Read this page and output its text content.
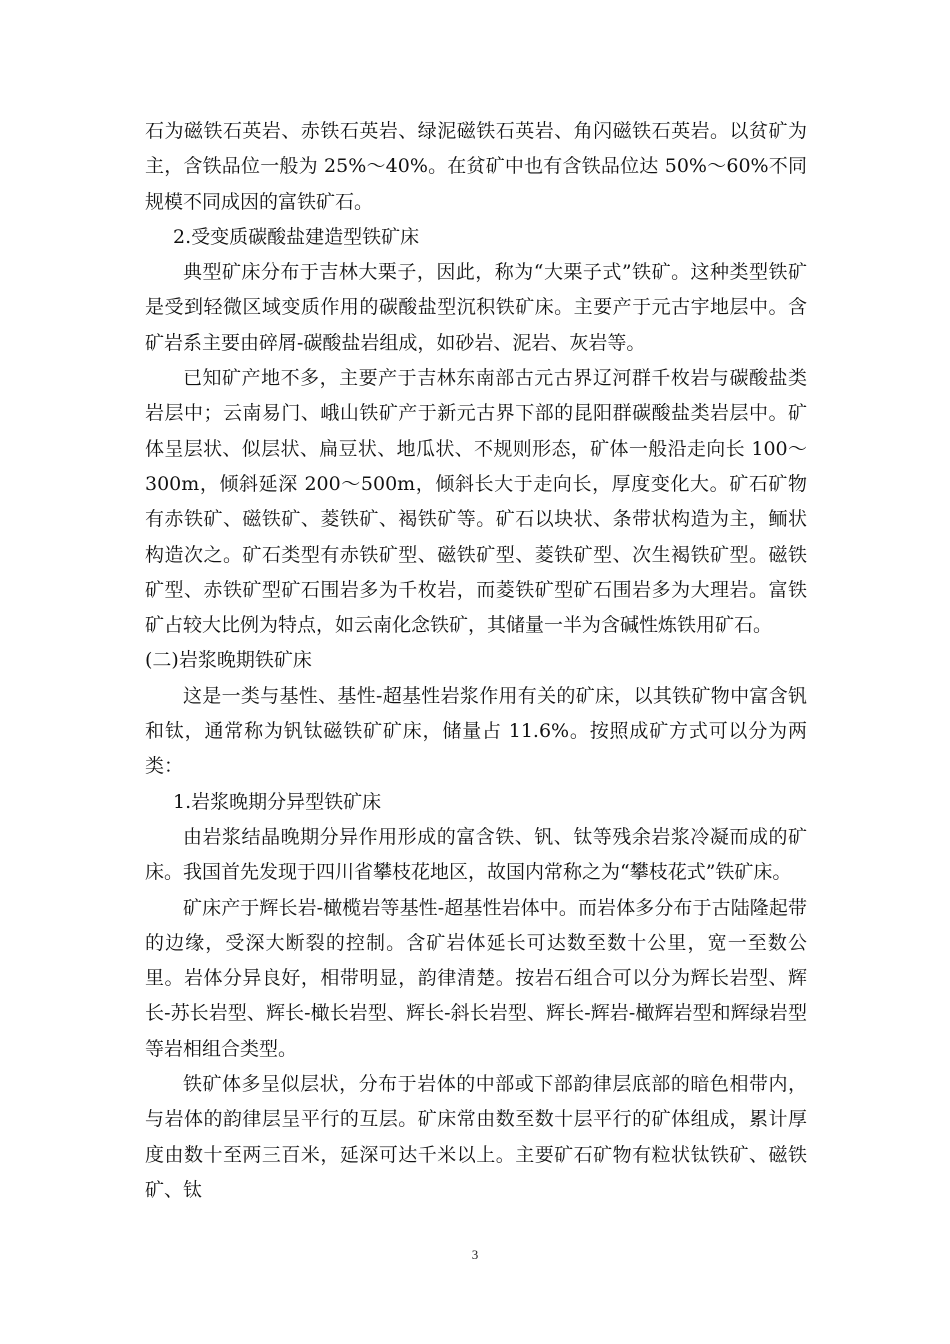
石为磁铁石英岩、赤铁石英岩、绿泥磁铁石英岩、角闪磁铁石英岩。以贫矿为主，含铁品位一般为 25%～40%。在贫矿中也有含铁品位达 50%～60%不同规模不同成因的富铁矿石。

2.受变质碳酸盐建造型铁矿床

典型矿床分布于吉林大栗子，因此，称为“大栗子式”铁矿。这种类型铁矿是受到轻微区域变质作用的碳酸盐型沉积铁矿床。主要产于元古宇地层中。含矿岩系主要由碎屑-碳酸盐岩组成，如砂岩、泥岩、灰岩等。

已知矿产地不多，主要产于吉林东南部古元古界辽河群千枚岩与碳酸盐类岩层中；云南易门、峨山铁矿产于新元古界下部的昆阳群碳酸盐类岩层中。矿体呈层状、似层状、扁豆状、地瓜状、不规则形态，矿体一般沿走向长 100～300m，倾斜延深 200～500m，倾斜长大于走向长，厚度变化大。矿石矿物有赤铁矿、磁铁矿、菱铁矿、褐铁矿等。矿石以块状、条带状构造为主，鲕状构造次之。矿石类型有赤铁矿型、磁铁矿型、菱铁矿型、次生褐铁矿型。磁铁矿型、赤铁矿型矿石围岩多为千枚岩，而菱铁矿型矿石围岩多为大理岩。富铁矿占较大比例为特点，如云南化念铁矿，其储量一半为含碱性炼铁用矿石。

(二)岩浆晚期铁矿床

这是一类与基性、基性-超基性岩浆作用有关的矿床，以其铁矿物中富含钒和钛，通常称为钒钛磁铁矿矿床，储量占 11.6%。按照成矿方式可以分为两类：

1.岩浆晚期分异型铁矿床

由岩浆结晶晚期分异作用形成的富含铁、钒、钛等残余岩浆冷凝而成的矿床。我国首先发现于四川省攀枝花地区，故国内常称之为“攀枝花式”铁矿床。

矿床产于辉长岩-橄榄岩等基性-超基性岩体中。而岩体多分布于古陆隆起带的边缘，受深大断裂的控制。含矿岩体延长可达数至数十公里，宽一至数公里。岩体分异良好，相带明显，韵律清楚。按岩石组合可以分为辉长岩型、辉长-苏长岩型、辉长-橄长岩型、辉长-斜长岩型、辉长-辉岩-橄辉岩型和辉绿岩型等岩相组合类型。

铁矿体多呈似层状，分布于岩体的中部或下部韵律层底部的暗色相带内，与岩体的韵律层呈平行的互层。矿床常由数至数十层平行的矿体组成，累计厚度由数十至两三百米，延深可达千米以上。主要矿石矿物有粒状钛铁矿、磁铁矿、钛

3
